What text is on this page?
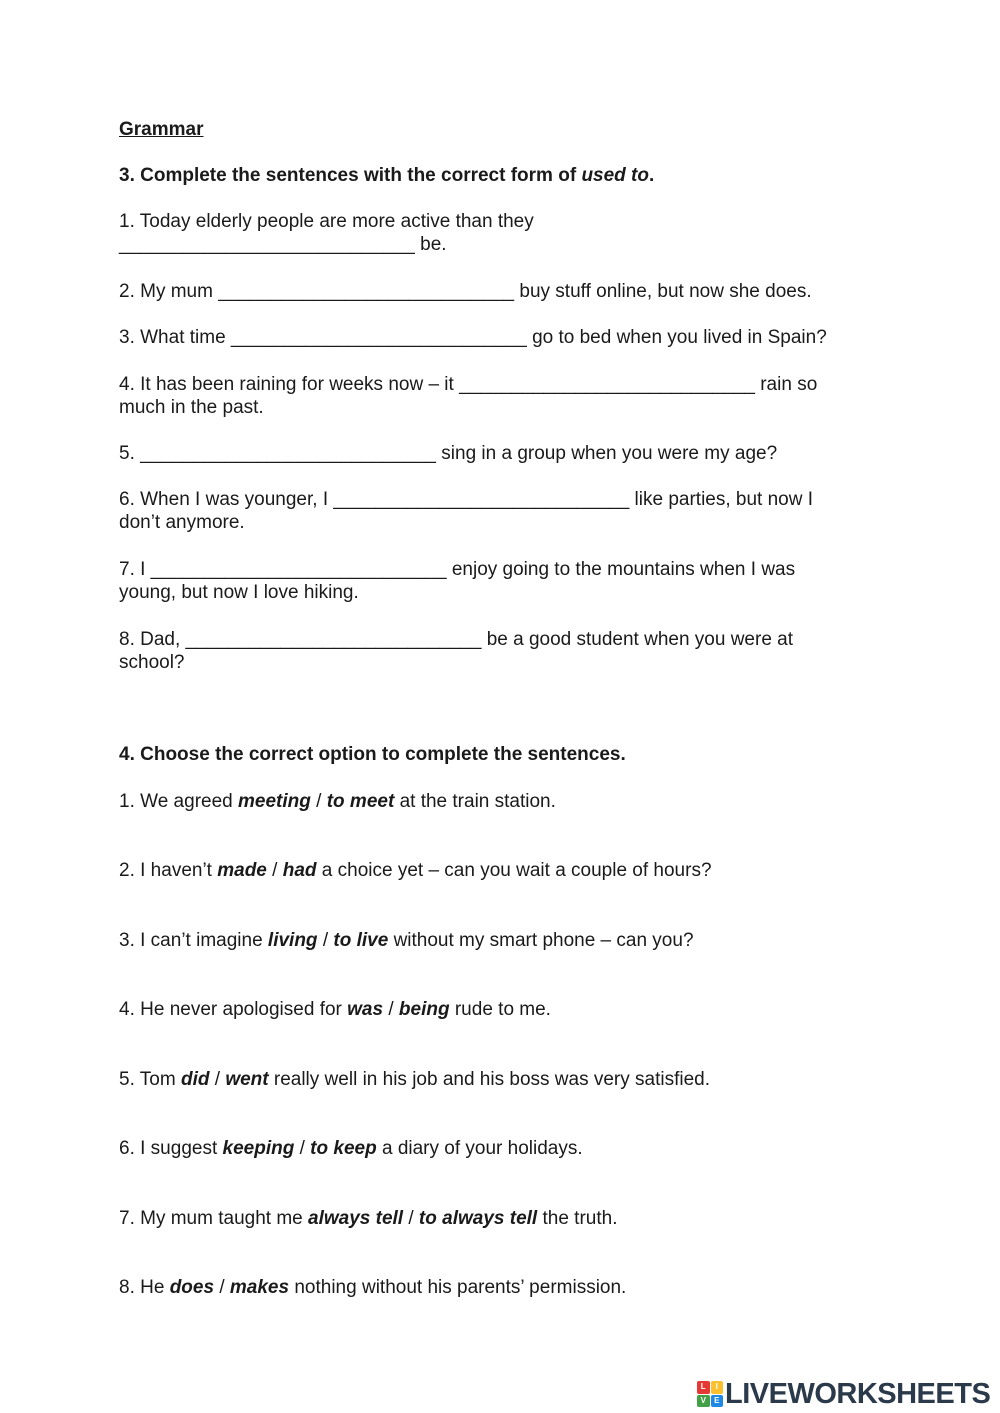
Grammar
3. Complete the sentences with the correct form of used to.
1. Today elderly people are more active than they
____________________________ be.
2. My mum ____________________________ buy stuff online, but now she does.
3. What time ____________________________ go to bed when you lived in Spain?
4. It has been raining for weeks now – it ____________________________ rain so
much in the past.
5. ____________________________ sing in a group when you were my age?
6. When I was younger, I ____________________________ like parties, but now I
don’t anymore.
7. I ____________________________ enjoy going to the mountains when I was
young, but now I love hiking.
8. Dad, ____________________________ be a good student when you were at
school?
4. Choose the correct option to complete the sentences.
1. We agreed meeting / to meet at the train station.
2. I haven’t made / had a choice yet – can you wait a couple of hours?
3. I can’t imagine living / to live without my smart phone – can you?
4. He never apologised for was / being rude to me.
5. Tom did / went really well in his job and his boss was very satisfied.
6. I suggest keeping / to keep a diary of your holidays.
7. My mum taught me always tell / to always tell the truth.
8. He does / makes nothing without his parents’ permission.
L	I
V	E LIVEWORKSHEETS
